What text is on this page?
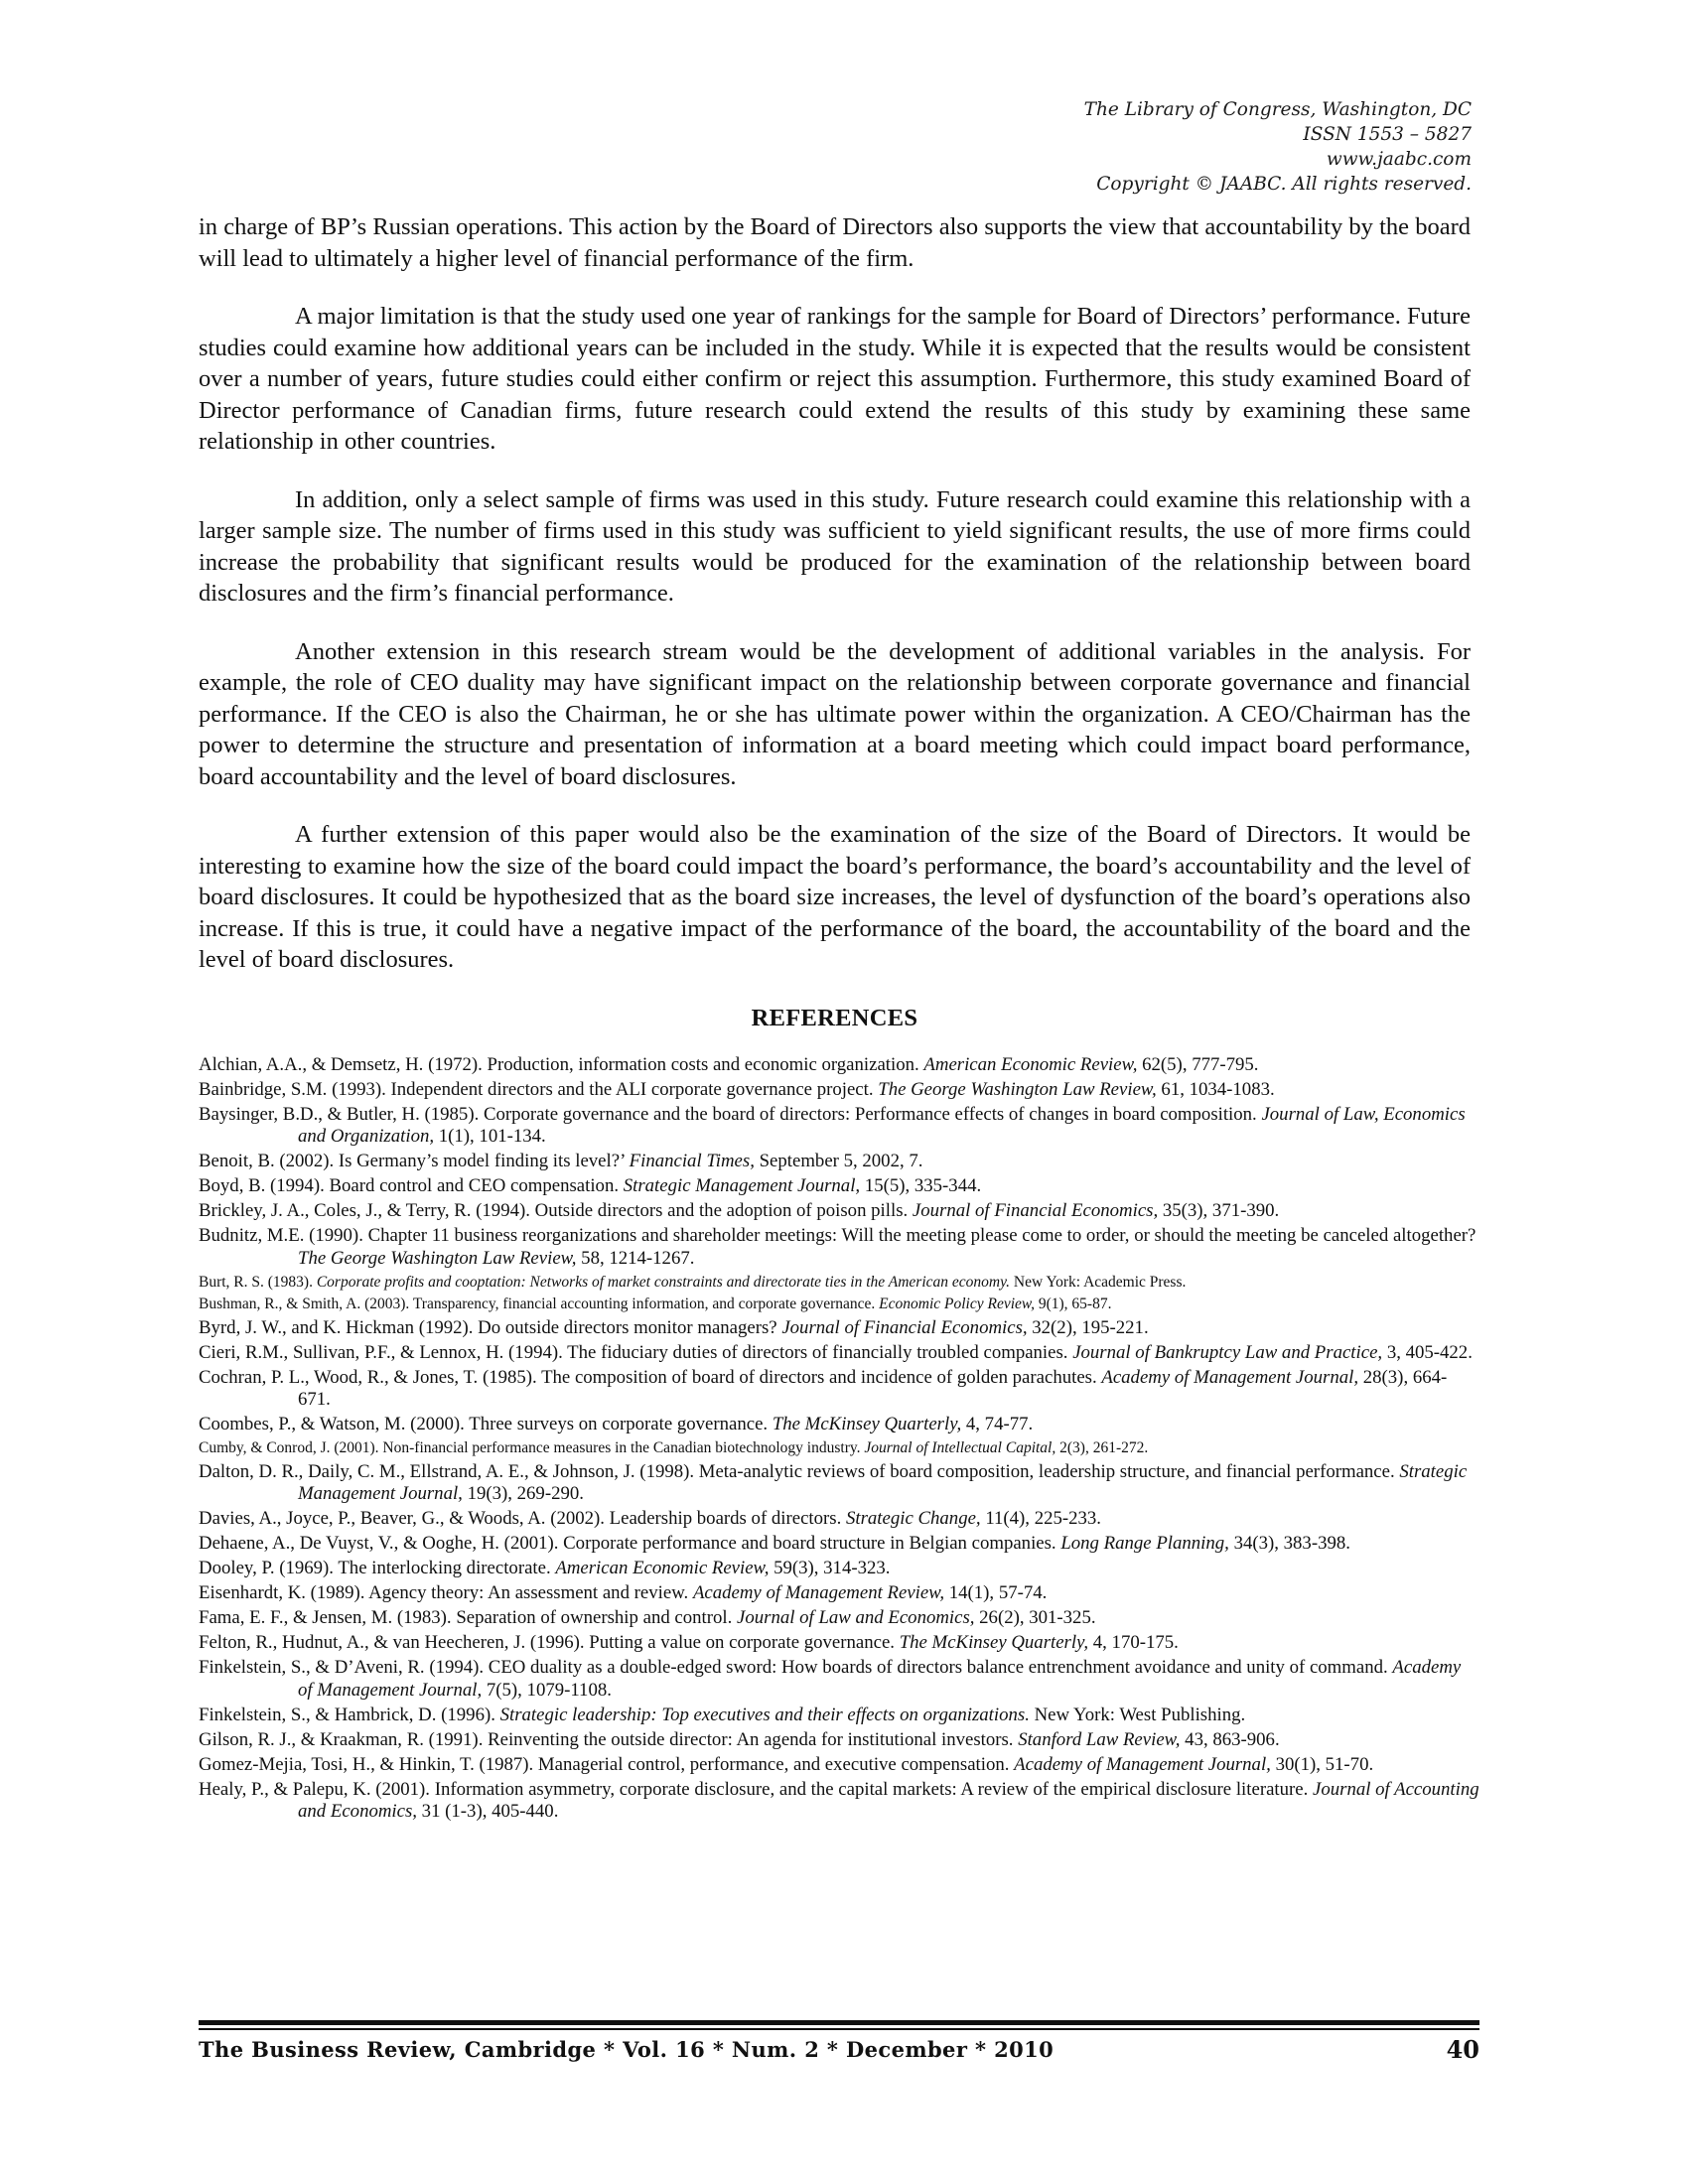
The Library of Congress, Washington, DC
ISSN 1553 – 5827
www.jaabc.com
Copyright © JAABC. All rights reserved.

in charge of BP’s Russian operations. This action by the Board of Directors also supports the view that accountability by the board will lead to ultimately a higher level of financial performance of the firm.

A major limitation is that the study used one year of rankings for the sample for Board of Directors’ performance. Future studies could examine how additional years can be included in the study. While it is expected that the results would be consistent over a number of years, future studies could either confirm or reject this assumption. Furthermore, this study examined Board of Director performance of Canadian firms, future research could extend the results of this study by examining these same relationship in other countries.

In addition, only a select sample of firms was used in this study. Future research could examine this relationship with a larger sample size. The number of firms used in this study was sufficient to yield significant results, the use of more firms could increase the probability that significant results would be produced for the examination of the relationship between board disclosures and the firm’s financial performance.

Another extension in this research stream would be the development of additional variables in the analysis. For example, the role of CEO duality may have significant impact on the relationship between corporate governance and financial performance. If the CEO is also the Chairman, he or she has ultimate power within the organization. A CEO/Chairman has the power to determine the structure and presentation of information at a board meeting which could impact board performance, board accountability and the level of board disclosures.

A further extension of this paper would also be the examination of the size of the Board of Directors. It would be interesting to examine how the size of the board could impact the board’s performance, the board’s accountability and the level of board disclosures. It could be hypothesized that as the board size increases, the level of dysfunction of the board’s operations also increase. If this is true, it could have a negative impact of the performance of the board, the accountability of the board and the level of board disclosures.

REFERENCES
Alchian, A.A., & Demsetz, H. (1972). Production, information costs and economic organization. American Economic Review, 62(5), 777-795.
Bainbridge, S.M. (1993). Independent directors and the ALI corporate governance project. The George Washington Law Review, 61, 1034-1083.
Baysinger, B.D., & Butler, H. (1985). Corporate governance and the board of directors: Performance effects of changes in board composition. Journal of Law, Economics and Organization, 1(1), 101-134.
Benoit, B. (2002). Is Germany’s model finding its level?’ Financial Times, September 5, 2002, 7.
Boyd, B. (1994). Board control and CEO compensation. Strategic Management Journal, 15(5), 335-344.
Brickley, J. A., Coles, J., & Terry, R. (1994). Outside directors and the adoption of poison pills. Journal of Financial Economics, 35(3), 371-390.
Budnitz, M.E. (1990). Chapter 11 business reorganizations and shareholder meetings: Will the meeting please come to order, or should the meeting be canceled altogether? The George Washington Law Review, 58, 1214-1267.
Burt, R. S. (1983). Corporate profits and cooptation: Networks of market constraints and directorate ties in the American economy. New York: Academic Press.
Bushman, R., & Smith, A. (2003). Transparency, financial accounting information, and corporate governance. Economic Policy Review, 9(1), 65-87.
Byrd, J. W., and K. Hickman (1992). Do outside directors monitor managers? Journal of Financial Economics, 32(2), 195-221.
Cieri, R.M., Sullivan, P.F., & Lennox, H. (1994). The fiduciary duties of directors of financially troubled companies. Journal of Bankruptcy Law and Practice, 3, 405-422.
Cochran, P. L., Wood, R., & Jones, T. (1985). The composition of board of directors and incidence of golden parachutes. Academy of Management Journal, 28(3), 664-671.
Coombes, P., & Watson, M. (2000). Three surveys on corporate governance. The McKinsey Quarterly, 4, 74-77.
Cumby, & Conrod, J. (2001). Non-financial performance measures in the Canadian biotechnology industry. Journal of Intellectual Capital, 2(3), 261-272.
Dalton, D. R., Daily, C. M., Ellstrand, A. E., & Johnson, J. (1998). Meta-analytic reviews of board composition, leadership structure, and financial performance. Strategic Management Journal, 19(3), 269-290.
Davies, A., Joyce, P., Beaver, G., & Woods, A. (2002). Leadership boards of directors. Strategic Change, 11(4), 225-233.
Dehaene, A., De Vuyst, V., & Ooghe, H. (2001). Corporate performance and board structure in Belgian companies. Long Range Planning, 34(3), 383-398.
Dooley, P. (1969). The interlocking directorate. American Economic Review, 59(3), 314-323.
Eisenhardt, K. (1989). Agency theory: An assessment and review. Academy of Management Review, 14(1), 57-74.
Fama, E. F., & Jensen, M. (1983). Separation of ownership and control. Journal of Law and Economics, 26(2), 301-325.
Felton, R., Hudnut, A., & van Heecheren, J. (1996). Putting a value on corporate governance. The McKinsey Quarterly, 4, 170-175.
Finkelstein, S., & D’Aveni, R. (1994). CEO duality as a double-edged sword: How boards of directors balance entrenchment avoidance and unity of command. Academy of Management Journal, 7(5), 1079-1108.
Finkelstein, S., & Hambrick, D. (1996). Strategic leadership: Top executives and their effects on organizations. New York: West Publishing.
Gilson, R. J., & Kraakman, R. (1991). Reinventing the outside director: An agenda for institutional investors. Stanford Law Review, 43, 863-906.
Gomez-Mejia, Tosi, H., & Hinkin, T. (1987). Managerial control, performance, and executive compensation. Academy of Management Journal, 30(1), 51-70.
Healy, P., & Palepu, K. (2001). Information asymmetry, corporate disclosure, and the capital markets: A review of the empirical disclosure literature. Journal of Accounting and Economics, 31 (1-3), 405-440.
The Business Review, Cambridge * Vol. 16 * Num. 2 * December * 2010	40
